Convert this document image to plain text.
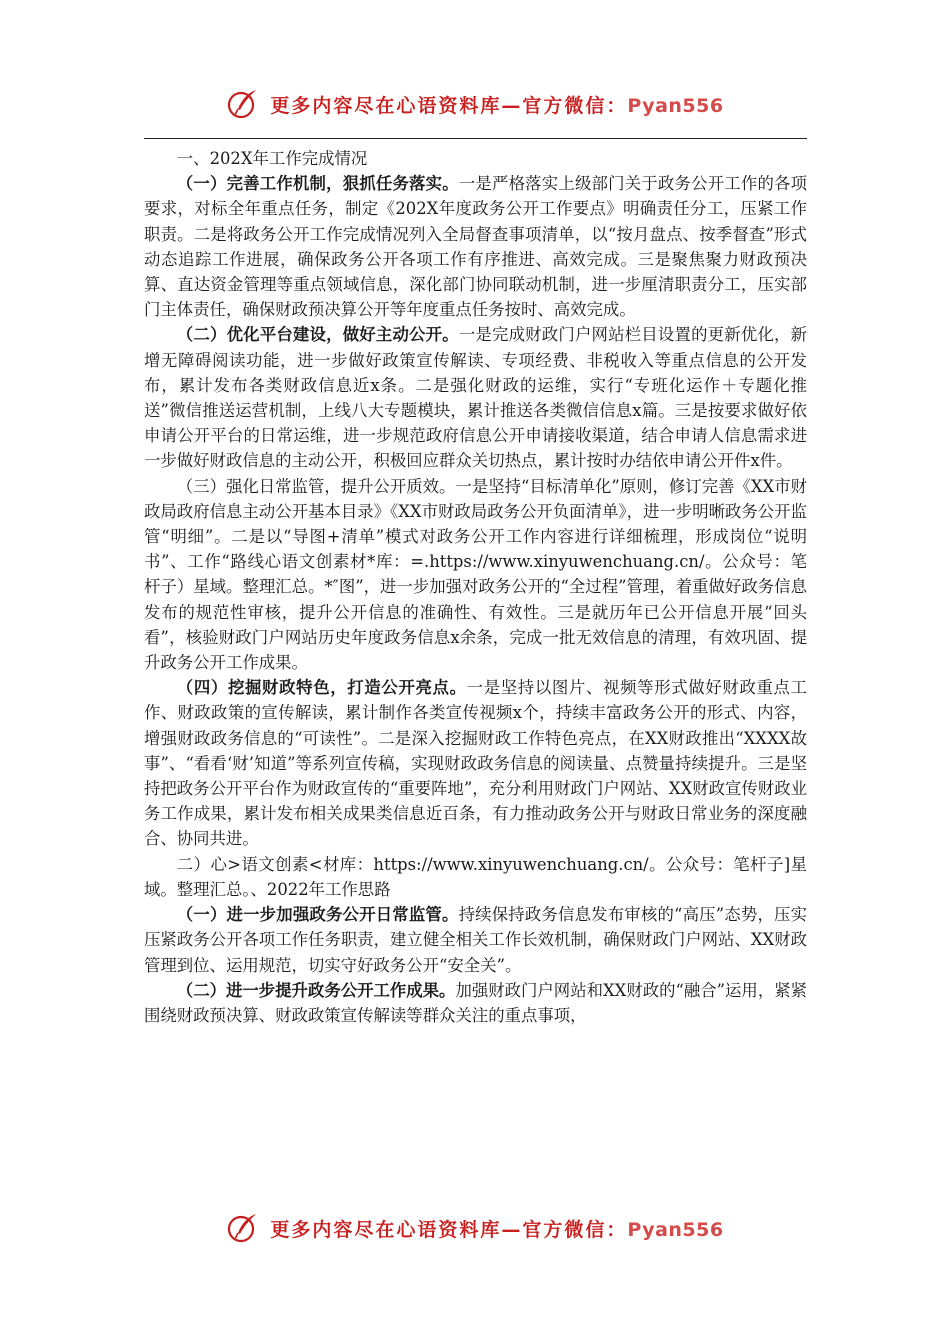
更多内容尽在心语资料库—官方微信：Pyan556

一、202X年工作完成情况

（一）完善工作机制，狠抓任务落实。一是严格落实上级部门关于政务公开工作的各项要求，对标全年重点任务，制定《202X年度政务公开工作要点》明确责任分工，压紧工作职责。二是将政务公开工作完成情况列入全局督查事项清单，以“按月盘点、按季督查”形式动态追踪工作进展，确保政务公开各项工作有序推进、高效完成。三是聚焦聚力财政预决算、直达资金管理等重点领域信息，深化部门协同联动机制，进一步厘清职责分工，压实部门主体责任，确保财政预决算公开等年度重点任务按时、高效完成。

（二）优化平台建设，做好主动公开。一是完成财政门户网站栏目设置的更新优化，新增无障碍阅读功能，进一步做好政策宣传解读、专项经费、非税收入等重点信息的公开发布，累计发布各类财政信息近x条。二是强化财政的运维，实行“专班化运作＋专题化推送”微信推送运营机制，上线八大专题模块，累计推送各类微信信息x篇。三是按要求做好依申请公开平台的日常运维，进一步规范政府信息公开申请接收渠道，结合申请人信息需求进一步做好财政信息的主动公开，积极回应群众关切热点，累计按时办结依申请公开件x件。

（三）强化日常监管，提升公开质效。一是坚持“目标清单化”原则，修订完善《XX市财政局政府信息主动公开基本目录》《XX市财政局政务公开负面清单》，进一步明晰政务公开监管“明细”。二是以“导图+清单”模式对政务公开工作内容进行详细梳理，形成岗位“说明书”、工作“路线心语文创素材*库：=.https://www.xinyuwenchuang.cn/。公众号：笔杆子）星域。整理汇总。*″图”，进一步加强对政务公开的“全过程”管理，着重做好政务信息发布的规范性审核，提升公开信息的准确性、有效性。三是就历年已公开信息开展“回头看”，核验财政门户网站历史年度政务信息x余条，完成一批无效信息的清理，有效巩固、提升政务公开工作成果。

（四）挖掘财政特色，打造公开亮点。一是坚持以图片、视频等形式做好财政重点工作、财政政策的宣传解读，累计制作各类宣传视频x个，持续丰富政务公开的形式、内容，增强财政政务信息的“可读性”。二是深入挖掘财政工作特色亮点，在XX财政推出“XXXX故事”、“看看‘财’知道”等系列宣传稿，实现财政政务信息的阅读量、点赞量持续提升。三是坚持把政务公开平台作为财政宣传的“重要阵地”，充分利用财政门户网站、XX财政宣传财政业务工作成果，累计发布相关成果类信息近百条，有力推动政务公开与财政日常业务的深度融合、协同共进。

二）心>语文创素<材库：https://www.xinyuwenchuang.cn/。公众号：笔杆子]星域。整理汇总。、2022年工作思路

（一）进一步加强政务公开日常监管。持续保持政务信息发布审核的“高压”态势，压实压紧政务公开各项工作任务职责，建立健全相关工作长效机制，确保财政门户网站、XX财政管理到位、运用规范，切实守好政务公开“安全关”。

（二）进一步提升政务公开工作成果。加强财政门户网站和XX财政的“融合”运用，紧紧围绕财政预决算、财政政策宣传解读等群众关注的重点事项，

更多内容尽在心语资料库—官方微信：Pyan556
